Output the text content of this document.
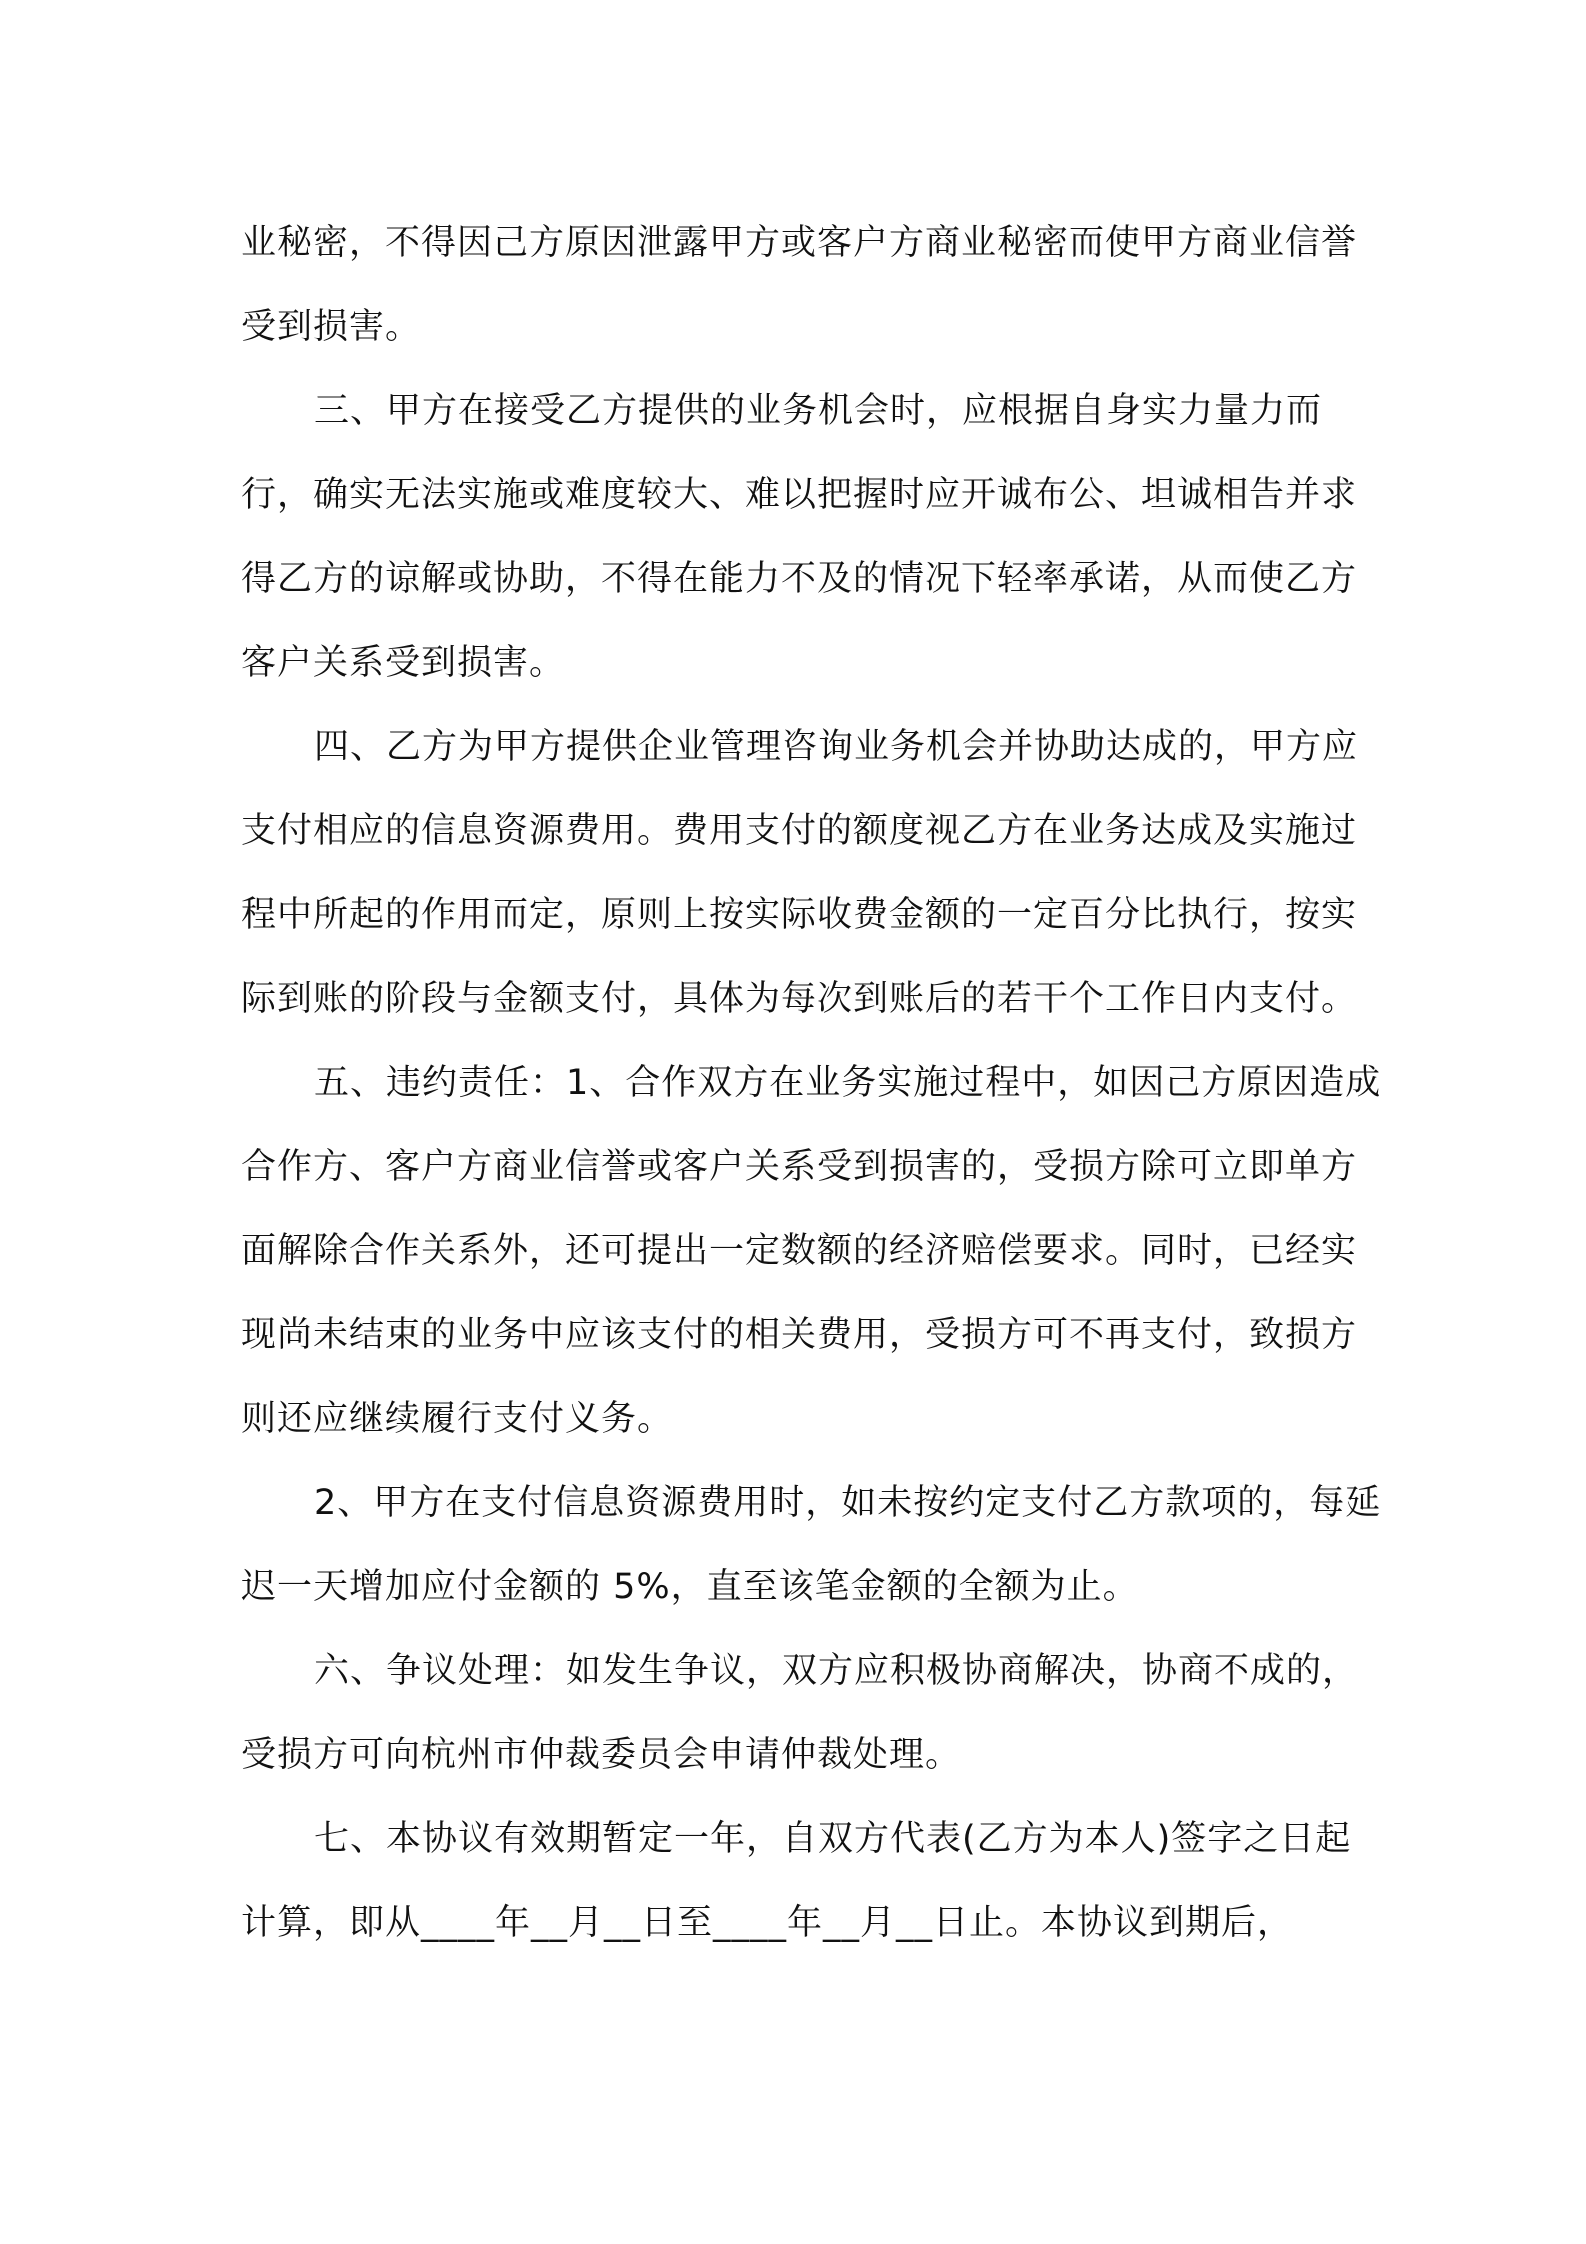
业秘密，不得因己方原因泄露甲方或客户方商业秘密而使甲方商业信誉受到损害。

三、甲方在接受乙方提供的业务机会时，应根据自身实力量力而行，确实无法实施或难度较大、难以把握时应开诚布公、坦诚相告并求得乙方的谅解或协助，不得在能力不及的情况下轻率承诺，从而使乙方客户关系受到损害。

四、乙方为甲方提供企业管理咨询业务机会并协助达成的，甲方应支付相应的信息资源费用。费用支付的额度视乙方在业务达成及实施过程中所起的作用而定，原则上按实际收费金额的一定百分比执行，按实际到账的阶段与金额支付，具体为每次到账后的若干个工作日内支付。

五、违约责任：1、合作双方在业务实施过程中，如因己方原因造成合作方、客户方商业信誉或客户关系受到损害的，受损方除可立即单方面解除合作关系外，还可提出一定数额的经济赔偿要求。同时，已经实现尚未结束的业务中应该支付的相关费用，受损方可不再支付，致损方则还应继续履行支付义务。

2、甲方在支付信息资源费用时，如未按约定支付乙方款项的，每延迟一天增加应付金额的 5%，直至该笔金额的全额为止。

六、争议处理：如发生争议，双方应积极协商解决，协商不成的，受损方可向杭州市仲裁委员会申请仲裁处理。

七、本协议有效期暂定一年，自双方代表(乙方为本人)签字之日起计算，即从____年__月__日至____年__月__日止。本协议到期后，
